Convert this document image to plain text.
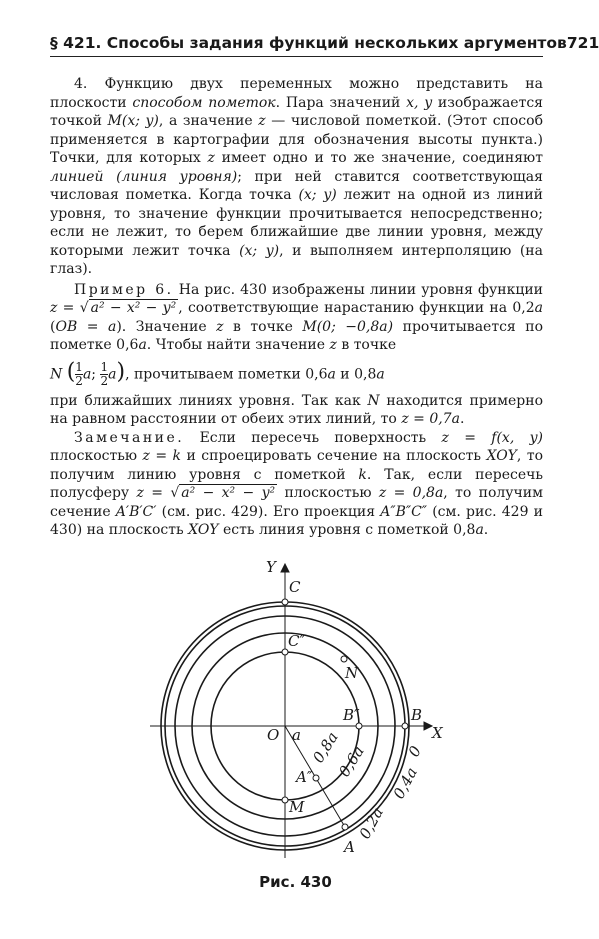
§ 421. Способы задания функций нескольких аргументов 721

4. Функцию двух переменных можно представить на плоскости способом пометок. Пара значений x, y изображается точкой M(x; y), а значение z — числовой пометкой. (Этот способ применяется в картографии для обозначения высоты пункта.) Точки, для которых z имеет одно и то же значение, соединяют линией (линия уровня); при ней ставится соответствующая числовая пометка. Когда точка (x; y) лежит на одной из линий уровня, то значение функции прочитывается непосредственно; если не лежит, то берем ближайшие две линии уровня, между которыми лежит точка (x; y), и выполняем интерполяцию (на глаз).

Пример 6. На рис. 430 изображены линии уровня функции z = √ a² − x² − y² , соответствующие нарастанию функции на 0,2a (OB = a). Значение z в точке M(0; −0,8a) прочитывается по пометке 0,6a. Чтобы найти значение z в точке
N ( $\frac{1}{2} a$; $\frac{1}{2} a$), прочитываем пометки 0,6a и 0,8a
при ближайших линиях уровня. Так как N находится примерно на равном расстоянии от обеих этих линий, то z = 0,7a.

Замечание. Если пересечь поверхность z = f(x, y) плоскостью z = k и спроецировать сечение на плоскость XOY, то получим линию уровня с пометкой k. Так, если пересечь полусферу z = √ a² − x² − y² плоскостью z = 0,8a, то получим сечение A′B′C′ (см. рис. 429). Его проекция A″B″C″ (см. рис. 429 и 430) на плоскость XOY есть линия уровня с пометкой 0,8a.

Y
X
O a
C
C″
N
B″	B
A″
M
A
0,8a
0,6a
0,4a
0,2a
0
Рис. 430
